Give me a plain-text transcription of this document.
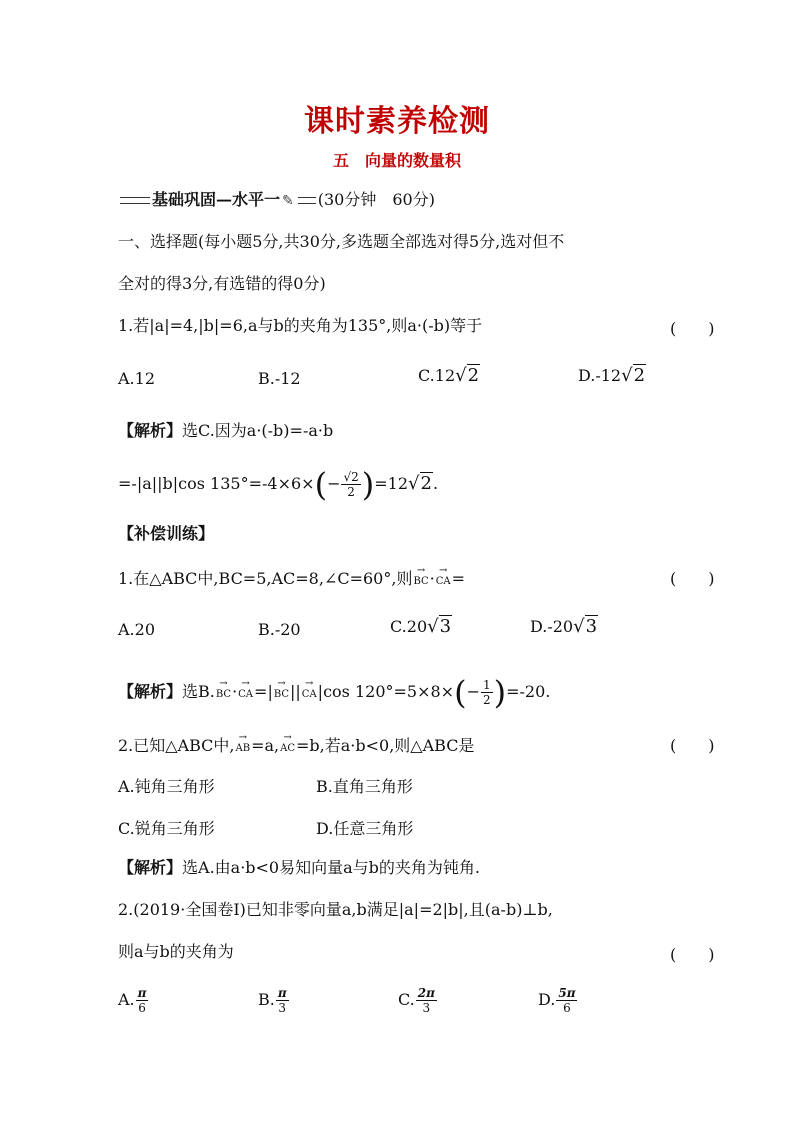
课时素养检测
五　向量的数量积
基础巩固—水平一 ✎ (30分钟　60分)
一、选择题(每小题5分,共30分,多选题全部选对得5分,选对但不
全对的得3分,有选错的得0分)
1.若|a|=4,|b|=6,a与b的夹角为135°,则a·(-b)等于	(　　)
A.12	B.-12	C.12√2	D.-12√2
【解析】选C.因为a·(-b)=-a·b
=-|a||b|cos $135^\circ=-4\times 6\times(- \frac{√2}{2} )=12√2$.
【补偿训练】
1.在△ABC中,BC=5,AC=8,∠C=60°,则→ BC·→ CA=	(　　)
A.20	B.-20	C.20√3	D.-20√3
【解析】选B.→ BC·→ CA=|→ BC||→ CA|cos $120^\circ=5\times 8\times(- \frac{1}{2} )=-20$.
2.已知△ABC中,→ AB=a,→ AC=b,若a·b<0,则△ABC是	(　　)
A.钝角三角形	B.直角三角形
C.锐角三角形	D.任意三角形
【解析】选A.由a·b<0易知向量a与b的夹角为钝角.
2.(2019·全国卷Ⅰ)已知非零向量a,b满足|a|=2|b|,且(a-b)⊥b,
则a与b的夹角为	(　　)
A. $\frac{\pi}{6}$	B. $\frac{\pi}{3}$	C. $\frac{2\pi}{3}$	D. $\frac{5\pi}{6}$
